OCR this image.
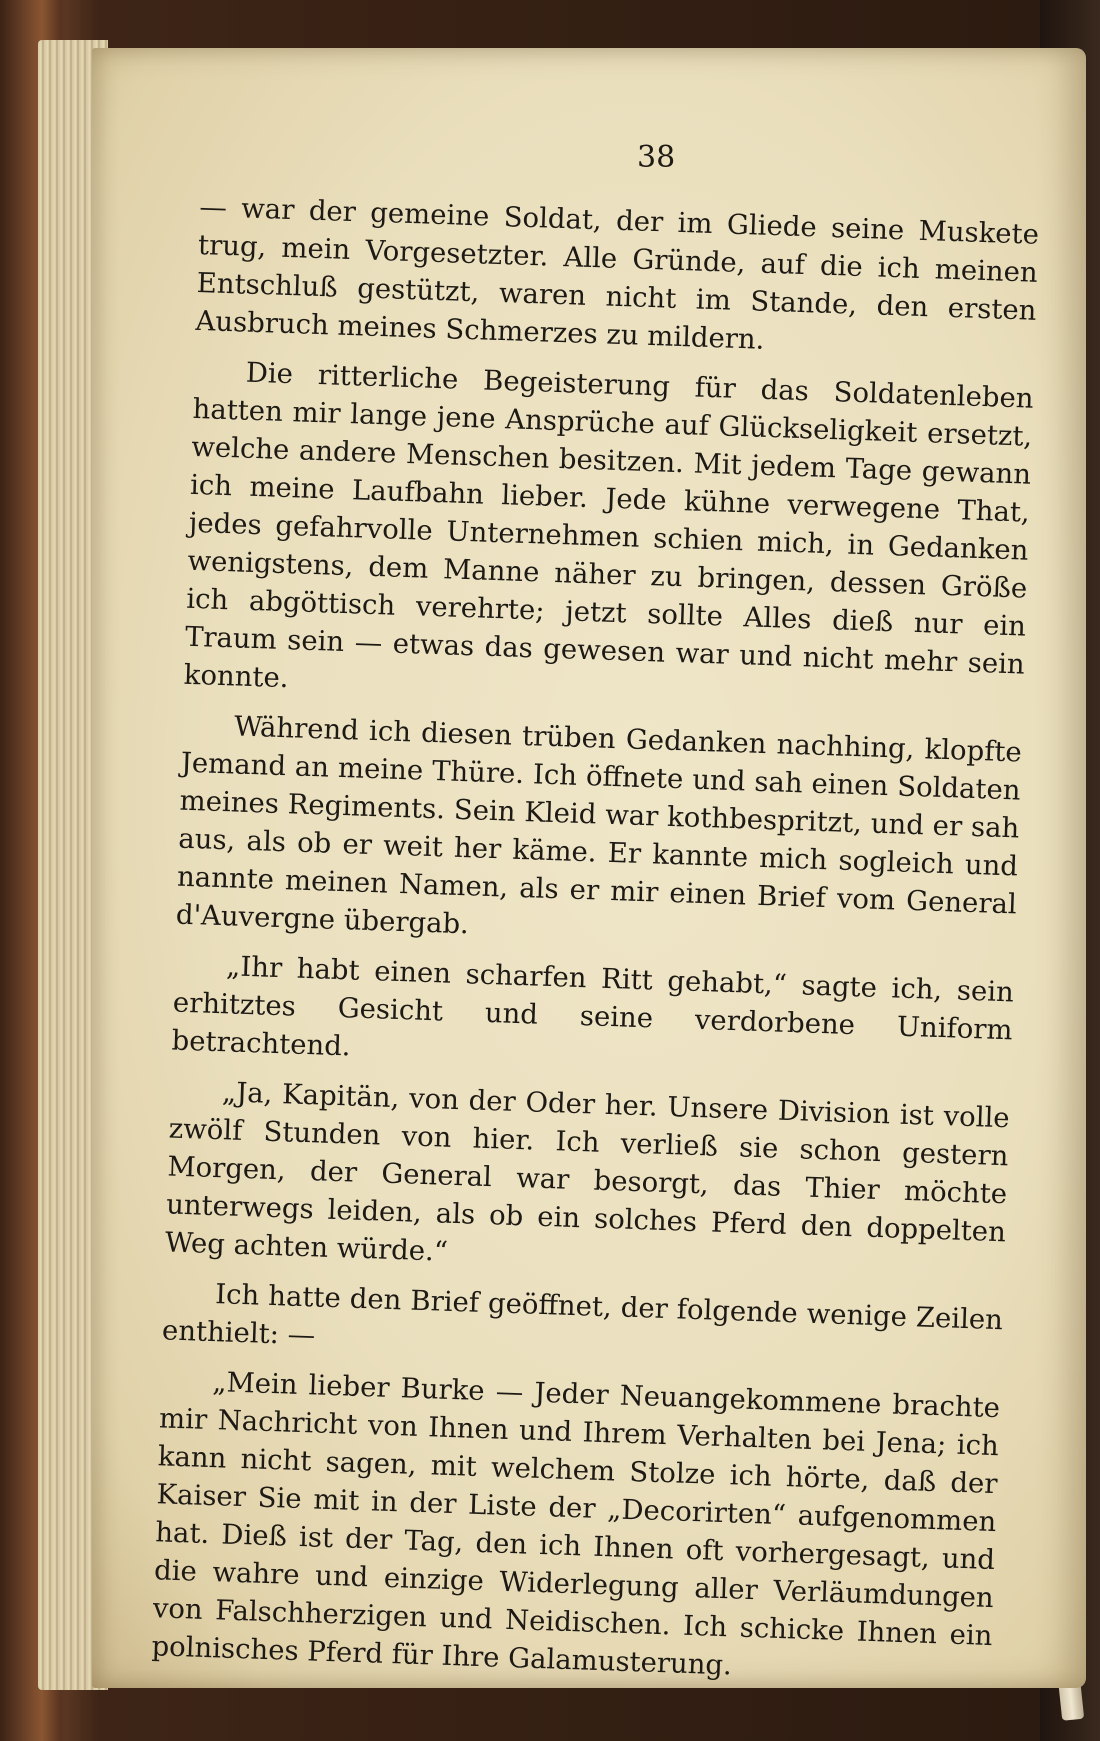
38

— war der gemeine Soldat, der im Gliede seine Muskete trug, mein Vorgesetzter. Alle Gründe, auf die ich meinen Entschluß gestützt, waren nicht im Stande, den ersten Ausbruch meines Schmerzes zu mildern.

Die ritterliche Begeisterung für das Soldatenleben hatten mir lange jene Ansprüche auf Glückseligkeit ersetzt, welche andere Menschen besitzen. Mit jedem Tage gewann ich meine Laufbahn lieber. Jede kühne verwegene That, jedes gefahrvolle Unternehmen schien mich, in Gedanken wenigstens, dem Manne näher zu bringen, dessen Größe ich abgöttisch verehrte; jetzt sollte Alles dieß nur ein Traum sein — etwas das gewesen war und nicht mehr sein konnte.

Während ich diesen trüben Gedanken nachhing, klopfte Jemand an meine Thüre. Ich öffnete und sah einen Soldaten meines Regiments. Sein Kleid war kothbespritzt, und er sah aus, als ob er weit her käme. Er kannte mich sogleich und nannte meinen Namen, als er mir einen Brief vom General d'Auvergne übergab.

„Ihr habt einen scharfen Ritt gehabt,“ sagte ich, sein erhitztes Gesicht und seine verdorbene Uniform betrachtend.

„Ja, Kapitän, von der Oder her. Unsere Division ist volle zwölf Stunden von hier. Ich verließ sie schon gestern Morgen, der General war besorgt, das Thier möchte unterwegs leiden, als ob ein solches Pferd den doppelten Weg achten würde.“

Ich hatte den Brief geöffnet, der folgende wenige Zeilen enthielt: —

„Mein lieber Burke — Jeder Neuangekommene brachte mir Nachricht von Ihnen und Ihrem Verhalten bei Jena; ich kann nicht sagen, mit welchem Stolze ich hörte, daß der Kaiser Sie mit in der Liste der „Decorirten“ aufgenommen hat. Dieß ist der Tag, den ich Ihnen oft vorhergesagt, und die wahre und einzige Widerlegung aller Verläumdungen von Falschherzigen und Neidischen. Ich schicke Ihnen ein polnisches Pferd für Ihre Galamusterung.
